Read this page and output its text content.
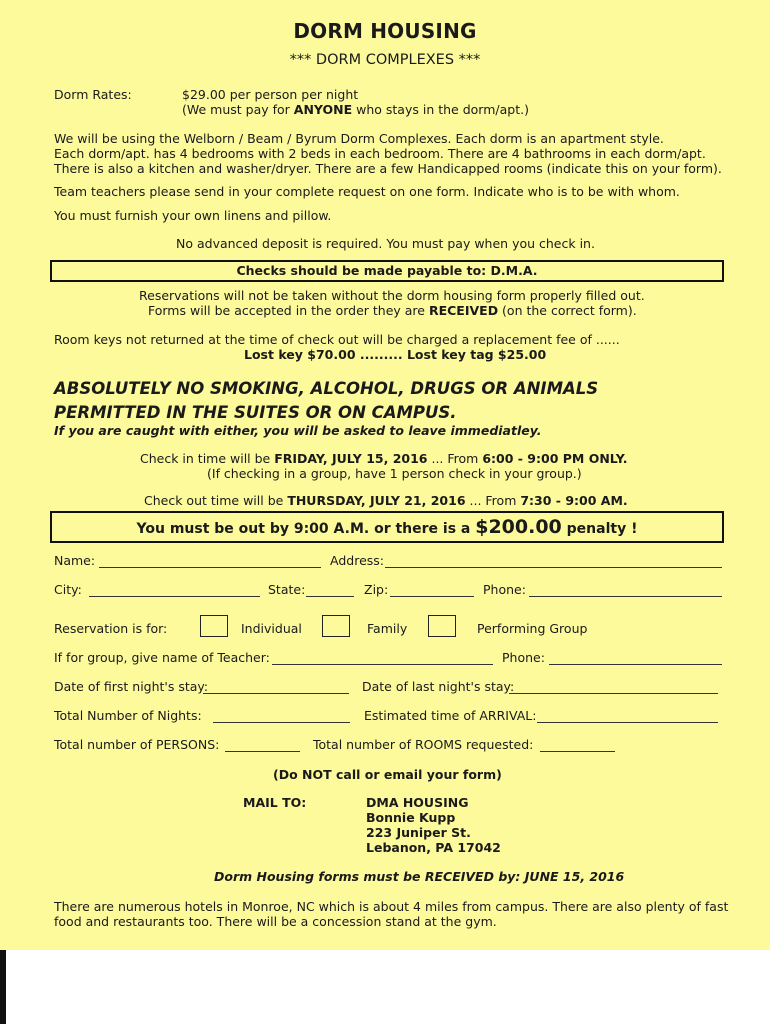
DORM HOUSING
*** DORM COMPLEXES ***
Dorm Rates:	$29.00 per person per night
(We must pay for ANYONE who stays in the dorm/apt.)
We will be using the Welborn / Beam / Byrum Dorm Complexes. Each dorm is an apartment style.
Each dorm/apt. has 4 bedrooms with 2 beds in each bedroom. There are 4 bathrooms in each dorm/apt.
There is also a kitchen and washer/dryer. There are a few Handicapped rooms (indicate this on your form).
Team teachers please send in your complete request on one form. Indicate who is to be with whom.
You must furnish your own linens and pillow.
No advanced deposit is required. You must pay when you check in.
Checks should be made payable to: D.M.A.
Reservations will not be taken without the dorm housing form properly filled out.
Forms will be accepted in the order they are RECEIVED (on the correct form).
Room keys not returned at the time of check out will be charged a replacement fee of ......
Lost key $70.00 ......... Lost key tag $25.00
ABSOLUTELY NO SMOKING, ALCOHOL, DRUGS OR ANIMALS
PERMITTED IN THE SUITES OR ON CAMPUS.
If you are caught with either, you will be asked to leave immediatley.
Check in time will be FRIDAY, JULY 15, 2016 ... From 6:00 - 9:00 PM ONLY.
(If checking in a group, have 1 person check in your group.)
Check out time will be THURSDAY, JULY 21, 2016 ... From 7:30 - 9:00 AM.
You must be out by 9:00 A.M. or there is a $200.00 penalty !
Name:	Address:
City:	State:	Zip:	Phone:
Reservation is for:	Individual	Family	Performing Group
If for group, give name of Teacher:	Phone:
Date of first night's stay:	Date of last night's stay:
Total Number of Nights:	Estimated time of ARRIVAL:
Total number of PERSONS:	Total number of ROOMS requested:
(Do NOT call or email your form)
MAIL TO:	DMA HOUSING
Bonnie Kupp
223 Juniper St.
Lebanon, PA 17042
Dorm Housing forms must be RECEIVED by: JUNE 15, 2016
There are numerous hotels in Monroe, NC which is about 4 miles from campus. There are also plenty of fast
food and restaurants too. There will be a concession stand at the gym.
